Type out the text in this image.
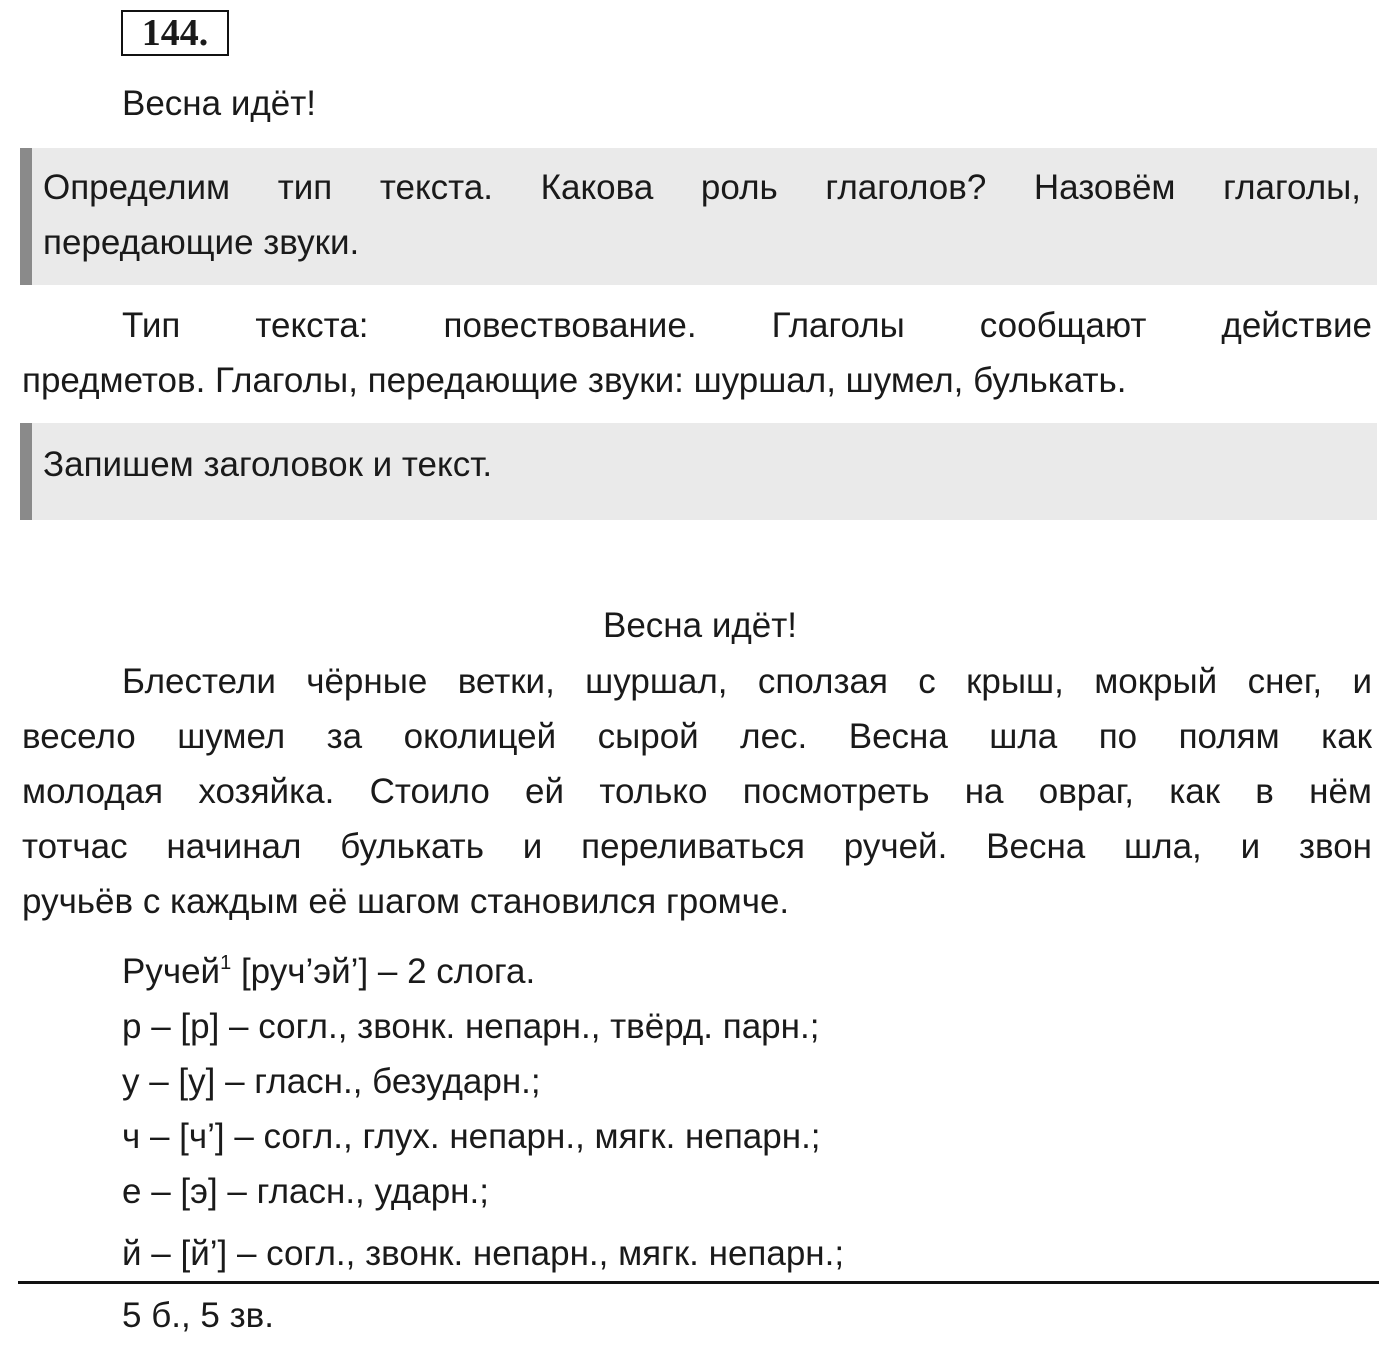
144.
Весна идёт!
Определим тип текста. Какова роль глаголов? Назовём глаголы,
передающие звуки.
Тип текста: повествование. Глаголы сообщают действие
предметов. Глаголы, передающие звуки: шуршал, шумел, булькать.
Запишем заголовок и текст.
Весна идёт!
Блестели чёрные ветки, шуршал, сползая с крыш, мокрый снег, и
весело шумел за околицей сырой лес. Весна шла по полям как
молодая хозяйка. Стоило ей только посмотреть на овраг, как в нём
тотчас начинал булькать и переливаться ручей. Весна шла, и звон
ручьёв с каждым её шагом становился громче.
Ручей$^1$ [руч’эй’] – 2 слога.
р – [р] – согл., звонк. непарн., твёрд. парн.;
у – [у] – гласн., безударн.;
ч – [ч’] – согл., глух. непарн., мягк. непарн.;
е – [э] – гласн., ударн.;
й – [й’] – согл., звонк. непарн., мягк. непарн.;
5 б., 5 зв.
